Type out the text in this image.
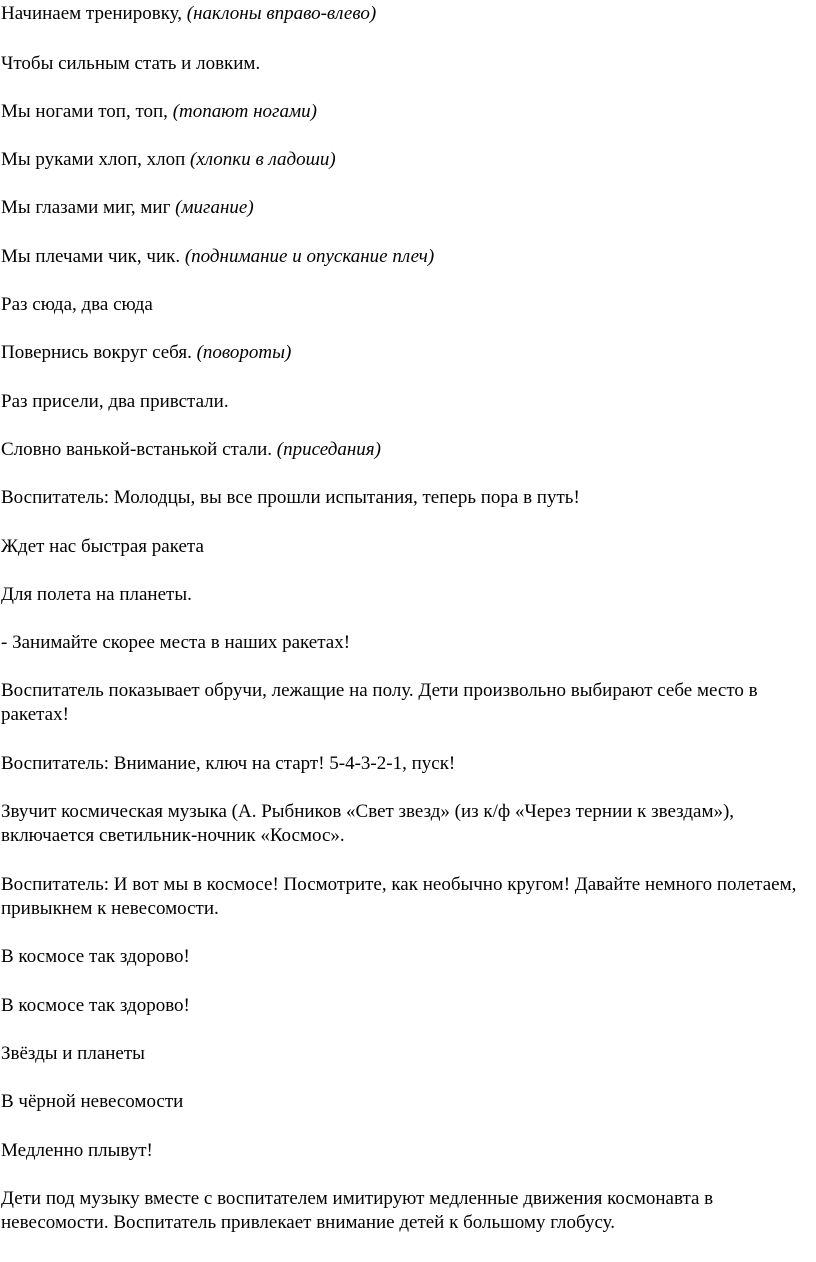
Начинаем тренировку, (наклоны вправо-влево)

Чтобы сильным стать и ловким.

Мы ногами топ, топ, (топают ногами)

Мы руками хлоп, хлоп (хлопки в ладоши)

Мы глазами миг, миг (мигание)

Мы плечами чик, чик. (поднимание и опускание плеч)

Раз сюда, два сюда

Повернись вокруг себя. (повороты)

Раз присели, два привстали.

Словно ванькой-встанькой стали. (приседания)

Воспитатель: Молодцы, вы все прошли испытания, теперь пора в путь!

Ждет нас быстрая ракета

Для полета на планеты.

- Занимайте скорее места в наших ракетах!

Воспитатель показывает обручи, лежащие на полу. Дети произвольно выбирают себе место в ракетах!

Воспитатель: Внимание, ключ на старт! 5-4-3-2-1, пуск!

Звучит космическая музыка (А. Рыбников «Свет звезд» (из к/ф «Через тернии к звездам»), включается светильник-ночник «Космос».

Воспитатель: И вот мы в космосе! Посмотрите, как необычно кругом! Давайте немного полетаем, привыкнем к невесомости.

В космосе так здорово!

В космосе так здорово!

Звёзды и планеты

В чёрной невесомости

Медленно плывут!

Дети под музыку вместе с воспитателем имитируют медленные движения космонавта в невесомости. Воспитатель привлекает внимание детей к большому глобусу.
